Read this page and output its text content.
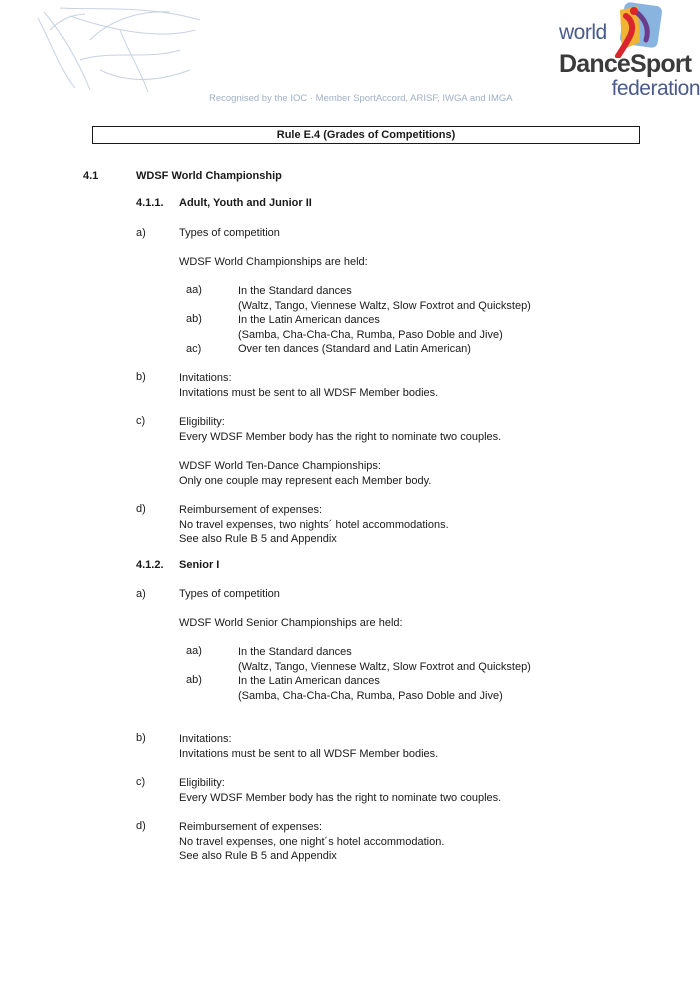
world
DanceSport
federation
Recognised by the IOC · Member SportAccord, ARISF, IWGA and IMGA
Rule E.4 (Grades of Competitions)
4.1	WDSF World Championship
4.1.1. Adult, Youth and Junior II
a)	Types of competition
WDSF World Championships are held:
aa)	In the Standard dances
(Waltz, Tango, Viennese Waltz, Slow Foxtrot and Quickstep)
ab)	In the Latin American dances
(Samba, Cha-Cha-Cha, Rumba, Paso Doble and Jive)
ac)	Over ten dances (Standard and Latin American)
b)	Invitations:
Invitations must be sent to all WDSF Member bodies.
c)	Eligibility:
Every WDSF Member body has the right to nominate two couples.
WDSF World Ten-Dance Championships:
Only one couple may represent each Member body.
d)	Reimbursement of expenses:
No travel expenses, two nights´ hotel accommodations.
See also Rule B 5 and Appendix
4.1.2. Senior I
a)	Types of competition
WDSF World Senior Championships are held:
aa)	In the Standard dances
(Waltz, Tango, Viennese Waltz, Slow Foxtrot and Quickstep)
ab)	In the Latin American dances
(Samba, Cha-Cha-Cha, Rumba, Paso Doble and Jive)
b)	Invitations:
Invitations must be sent to all WDSF Member bodies.
c)	Eligibility:
Every WDSF Member body has the right to nominate two couples.
d)	Reimbursement of expenses:
No travel expenses, one night´s hotel accommodation.
See also Rule B 5 and Appendix
